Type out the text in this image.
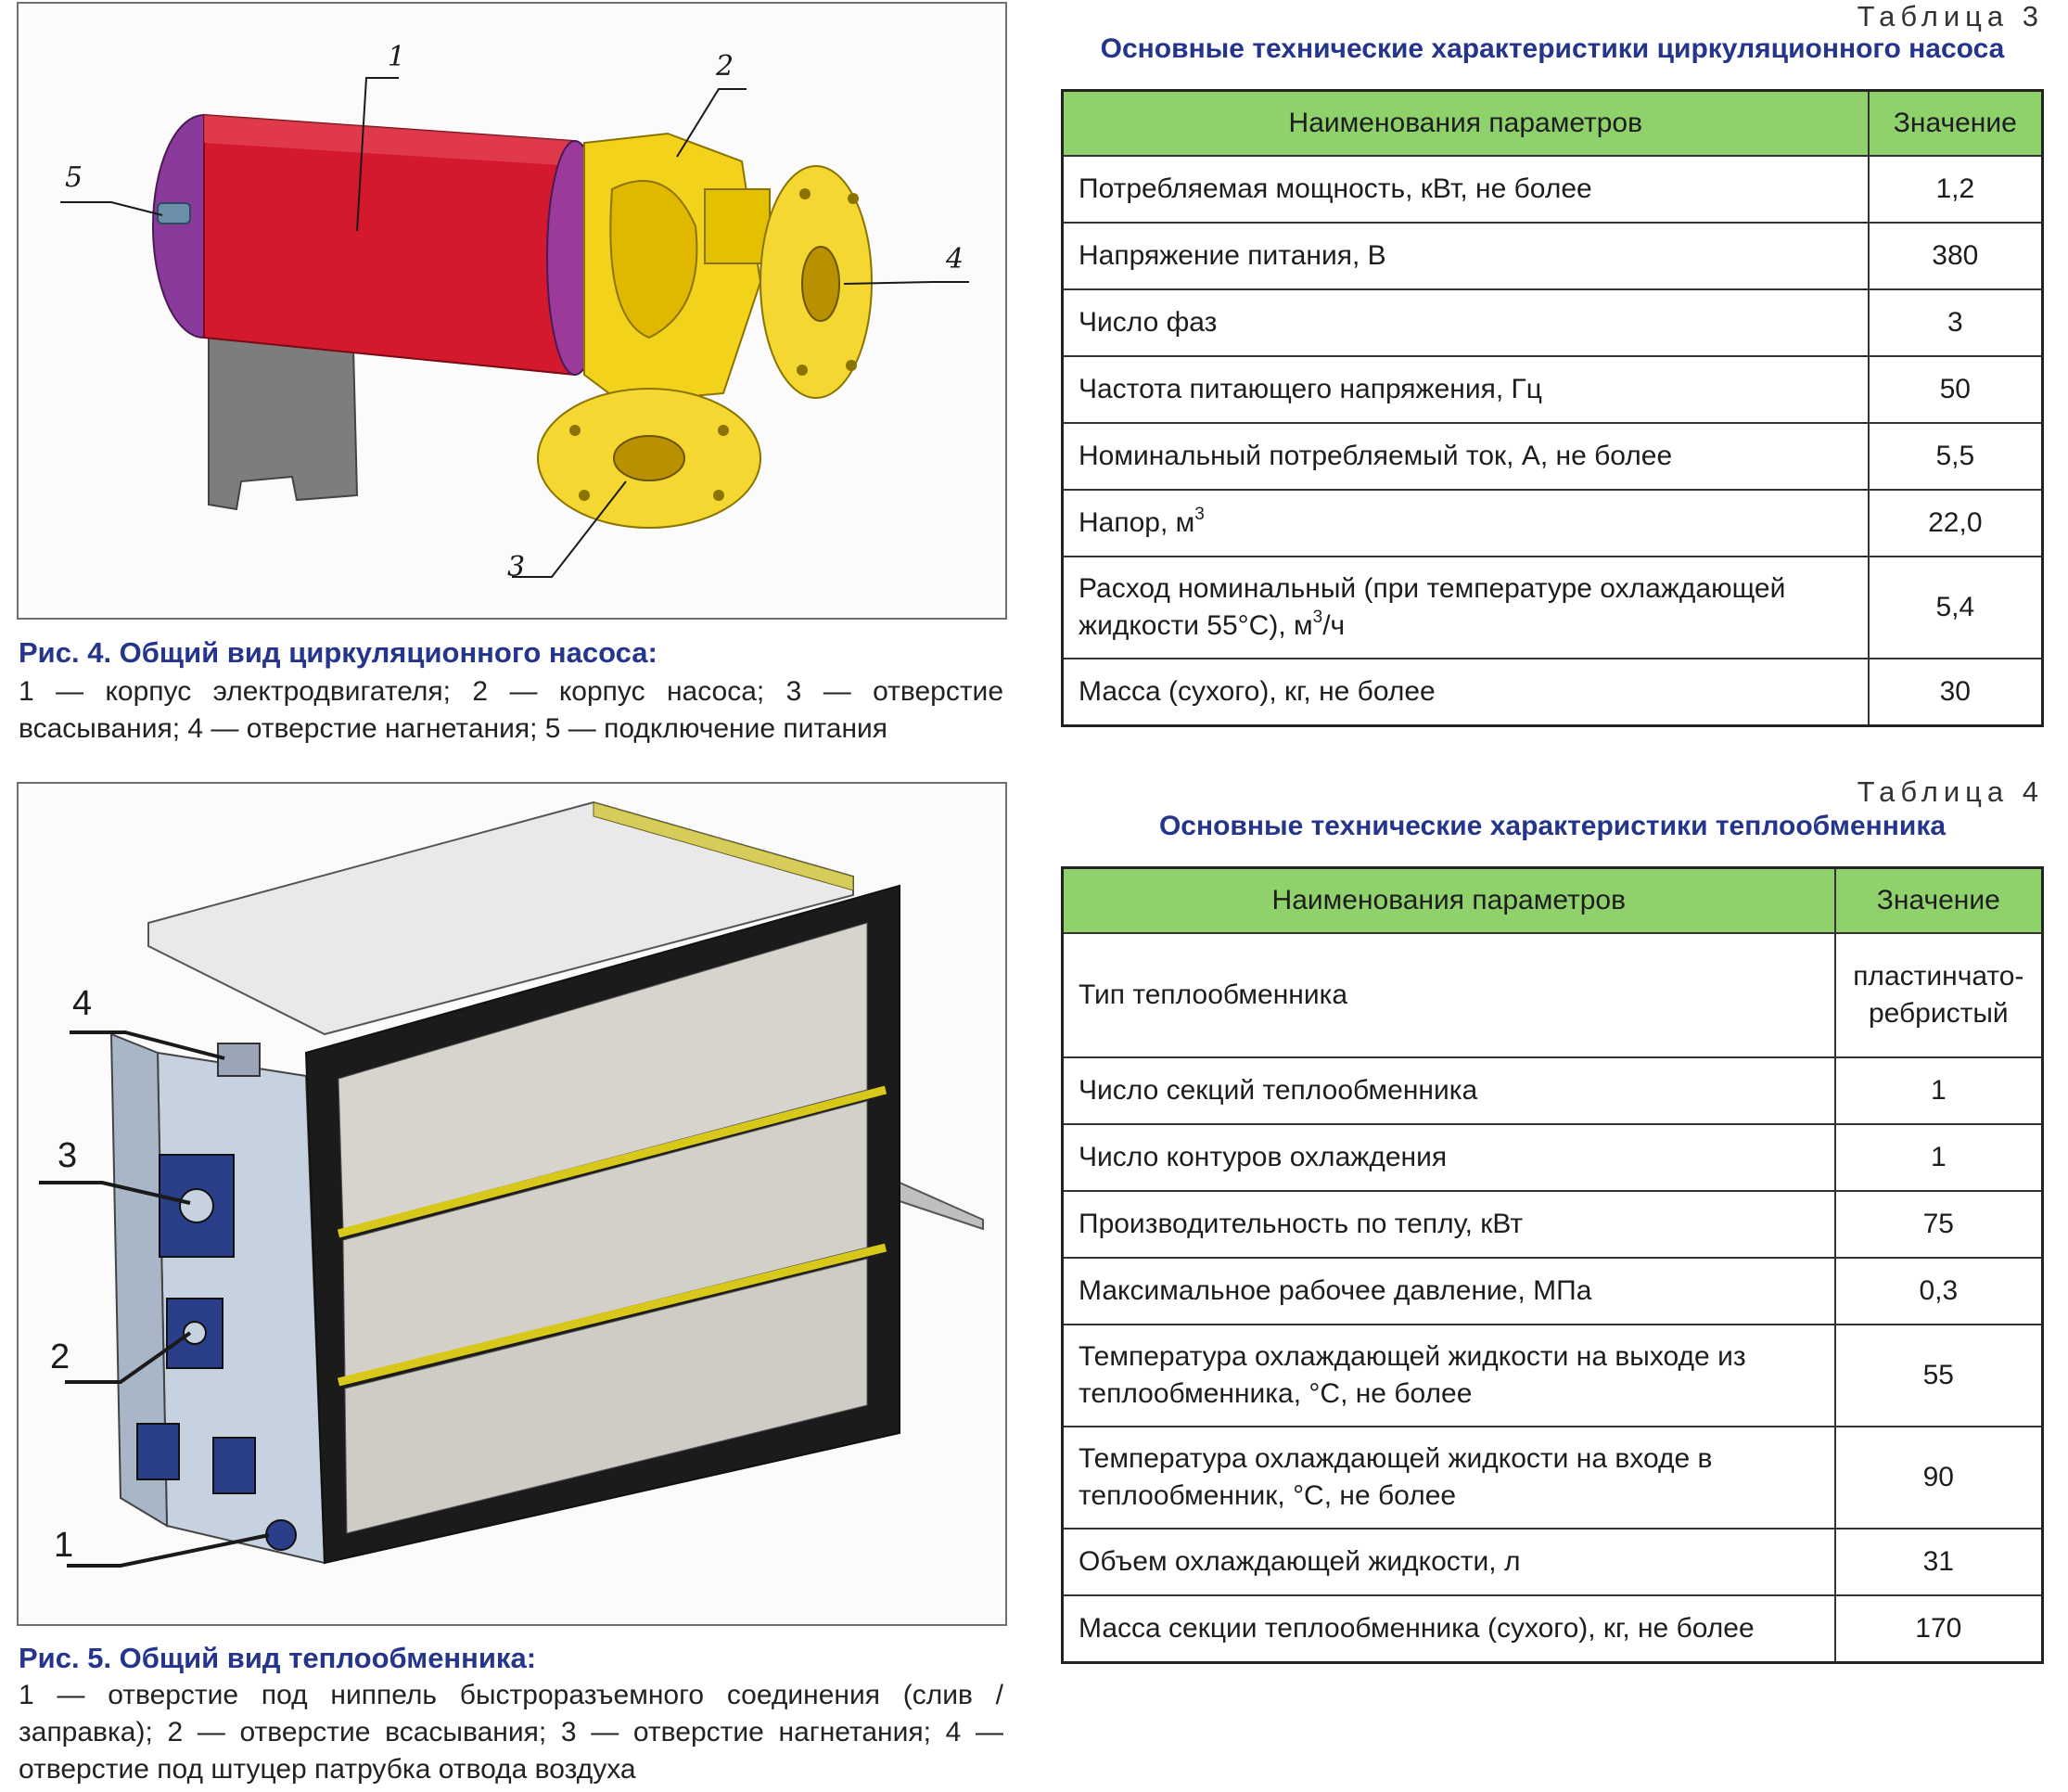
1	2
3
4
5
Рис. 4. Общий вид циркуляционного насоса:
1 — корпус электродвигателя; 2 — корпус насоса; 3 — отверстие всасывания; 4 — отверстие нагнетания; 5 — подключение питания
4
3
2
1
Рис. 5. Общий вид теплообменника:
1 — отверстие под ниппель быстроразъемного соединения (слив / заправка); 2 — отверстие всасывания; 3 — отверстие нагнетания; 4 — отверстие под штуцер патрубка отвода воздуха
Таблица 3
Основные технические характеристики циркуляционного насоса
Наименования параметров	Значение
Потребляемая мощность, кВт, не более	1,2
Напряжение питания, В	380
Число фаз	3
Частота питающего напряжения, Гц	50
Номинальный потребляемый ток, А, не более	5,5
Напор, $м^3$	22,0
Расход номинальный (при температуре охлаждающей жидкости 55°С), $м^3/ч$	5,4
Масса (сухого), кг, не более	30
Таблица 4
Основные технические характеристики теплообменника
Наименования параметров	Значение
Тип теплообменника	пластинчато-ребристый
Число секций теплообменника	1
Число контуров охлаждения	1
Производительность по теплу, кВт	75
Максимальное рабочее давление, МПа	0,3
Температура охлаждающей жидкости на выходе из теплообменника, °С, не более	55
Температура охлаждающей жидкости на входе в теплообменник, °С, не более	90
Объем охлаждающей жидкости, л	31
Масса секции теплообменника (сухого), кг, не более	170
